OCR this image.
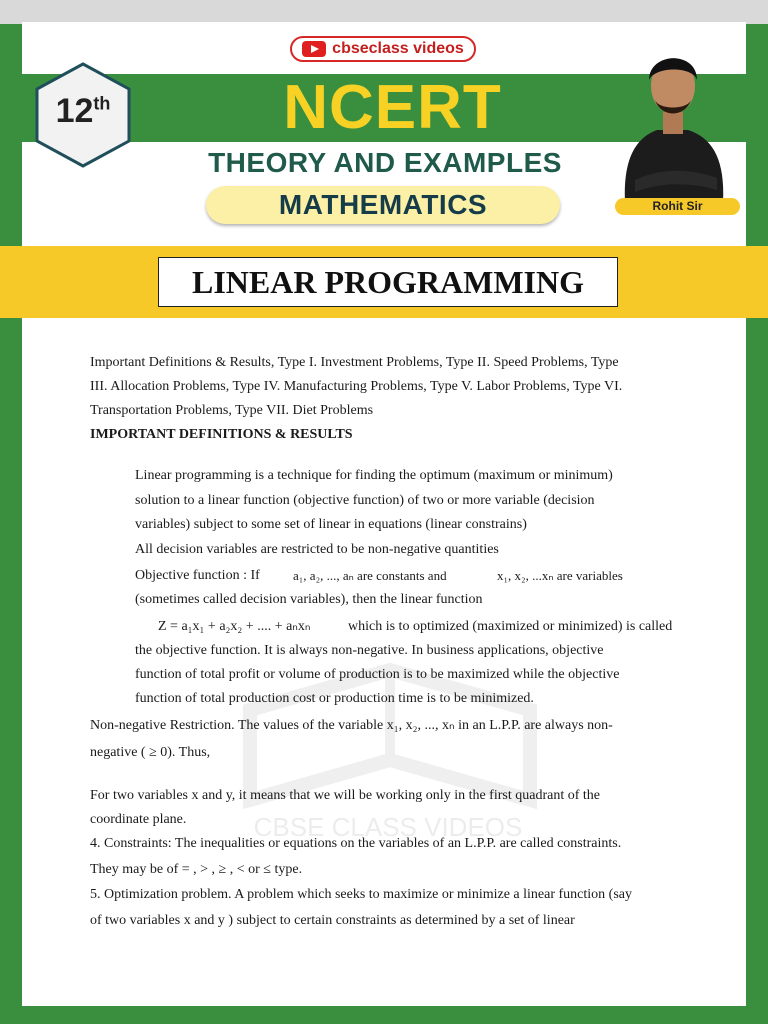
cbseclass videos
12th	NCERT
THEORY AND EXAMPLES
MATHEMATICS	Rohit Sir
LINEAR PROGRAMMING
CBSE CLASS VIDEOS
Important Definitions & Results, Type I. Investment Problems, Type II. Speed Problems, Type
III. Allocation Problems, Type IV. Manufacturing Problems, Type V. Labor Problems, Type VI.
Transportation Problems, Type VII. Diet Problems
IMPORTANT DEFINITIONS & RESULTS
Linear programming is a technique for finding the optimum (maximum or minimum)
solution to a linear function (objective function) of two or more variable (decision
variables) subject to some set of linear in equations (linear constrains)
All decision variables are restricted to be non-negative quantities
Objective function : If	a₁, a₂, ..., aₙ are constants and	x₁, x₂, ...xₙ are variables
(sometimes called decision variables), then the linear function
Z = a₁x₁ + a₂x₂ + .... + aₙxₙ	which is to optimized (maximized or minimized) is called
the objective function. It is always non-negative. In business applications, objective
function of total profit or volume of production is to be maximized while the objective
function of total production cost or production time is to be minimized.
Non-negative Restriction. The values of the variable x₁, x₂, ..., xₙ in an L.P.P. are always non-
negative ( ≥ 0). Thus,
For two variables x and y, it means that we will be working only in the first quadrant of the
coordinate plane.
4. Constraints: The inequalities or equations on the variables of an L.P.P. are called constraints.
They may be of = , > , ≥ , < or ≤ type.
5. Optimization problem. A problem which seeks to maximize or minimize a linear function (say
of two variables x and y ) subject to certain constraints as determined by a set of linear
